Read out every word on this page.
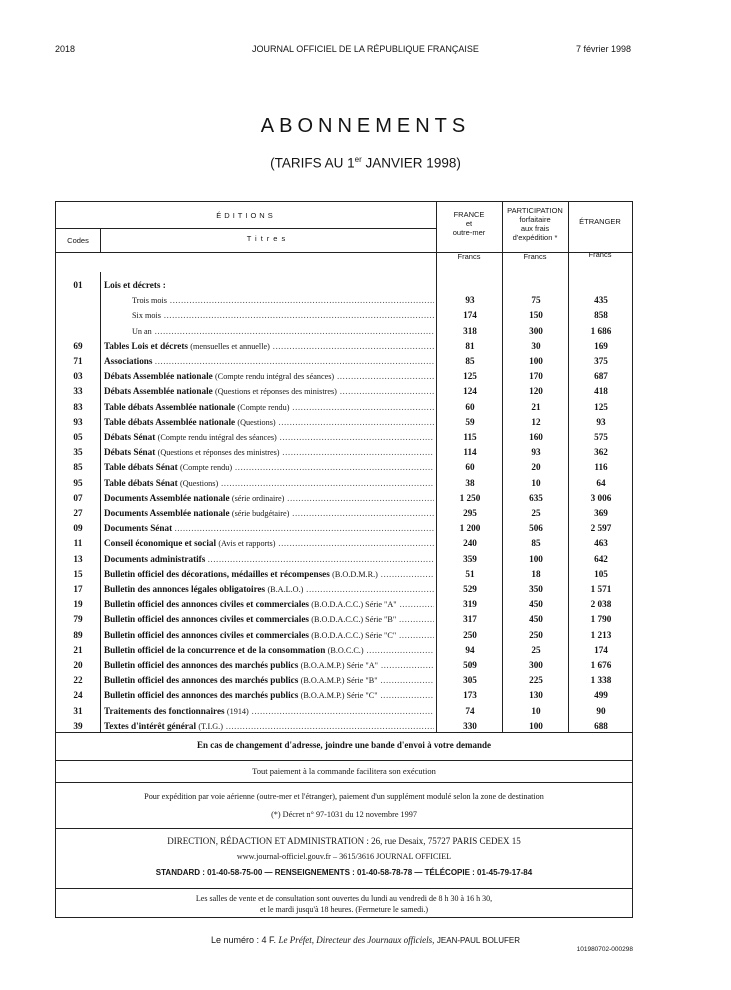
2018	JOURNAL OFFICIEL DE LA RÉPUBLIQUE FRANÇAISE	7 février 1998
ABONNEMENTS
(TARIFS AU 1er JANVIER 1998)
ÉDITIONS
Codes	Titres
FRANCE
et
outre-mer
PARTICIPATION
forfaitaire
aux frais
d'expédition *
ÉTRANGER
Francs	Francs	Francs
01	Lois et décrets :
Trois mois .....	93	75	435
Six mois .....	174	150	858
Un an .....	318	300	1 686
69	Tables Lois et décrets (mensuelles et annuelle) .....	81	30	169
71	Associations .....	85	100	375
03	Débats Assemblée nationale (Compte rendu intégral des séances) .....	125	170	687
33	Débats Assemblée nationale (Questions et réponses des ministres) .....	124	120	418
83	Table débats Assemblée nationale (Compte rendu) .....	60	21	125
93	Table débats Assemblée nationale (Questions) .....	59	12	93
05	Débats Sénat (Compte rendu intégral des séances) .....	115	160	575
35	Débats Sénat (Questions et réponses des ministres) .....	114	93	362
85	Table débats Sénat (Compte rendu) .....	60	20	116
95	Table débats Sénat (Questions) .....	38	10	64
07	Documents Assemblée nationale (série ordinaire) .....	1 250	635	3 006
27	Documents Assemblée nationale (série budgétaire) .....	295	25	369
09	Documents Sénat .....	1 200	506	2 597
11	Conseil économique et social (Avis et rapports) .....	240	85	463
13	Documents administratifs .....	359	100	642
15	Bulletin officiel des décorations, médailles et récompenses (B.O.D.M.R.) .....	51	18	105
17	Bulletin des annonces légales obligatoires (B.A.L.O.) .....	529	350	1 571
19	Bulletin officiel des annonces civiles et commerciales (B.O.D.A.C.C.) Série "A" .....	319	450	2 038
79	Bulletin officiel des annonces civiles et commerciales (B.O.D.A.C.C.) Série "B" .....	317	450	1 790
89	Bulletin officiel des annonces civiles et commerciales (B.O.D.A.C.C.) Série "C" .....	250	250	1 213
21	Bulletin officiel de la concurrence et de la consommation (B.O.C.C.) .....	94	25	174
20	Bulletin officiel des annonces des marchés publics (B.O.A.M.P.) Série "A" .....	509	300	1 676
22	Bulletin officiel des annonces des marchés publics (B.O.A.M.P.) Série "B" .....	305	225	1 338
24	Bulletin officiel des annonces des marchés publics (B.O.A.M.P.) Série "C" .....	173	130	499
31	Traitements des fonctionnaires (1914) .....	74	10	90
39	Textes d'intérêt général (T.I.G.) .....	330	100	688
En cas de changement d'adresse, joindre une bande d'envoi à votre demande
Tout paiement à la commande facilitera son exécution
Pour expédition par voie aérienne (outre-mer et l'étranger), paiement d'un supplément modulé selon la zone de destination
(*) Décret n° 97-1031 du 12 novembre 1997
DIRECTION, RÉDACTION ET ADMINISTRATION : 26, rue Desaix, 75727 PARIS CEDEX 15
www.journal-officiel.gouv.fr – 3615/3616 JOURNAL OFFICIEL
STANDARD : 01-40-58-75-00 — RENSEIGNEMENTS : 01-40-58-78-78 — TÉLÉCOPIE : 01-45-79-17-84
Les salles de vente et de consultation sont ouvertes du lundi au vendredi de 8 h 30 à 16 h 30,
et le mardi jusqu'à 18 heures. (Fermeture le samedi.)
Le numéro : 4 F. Le Préfet, Directeur des Journaux officiels, JEAN-PAUL BOLUFER
101980702-000298
